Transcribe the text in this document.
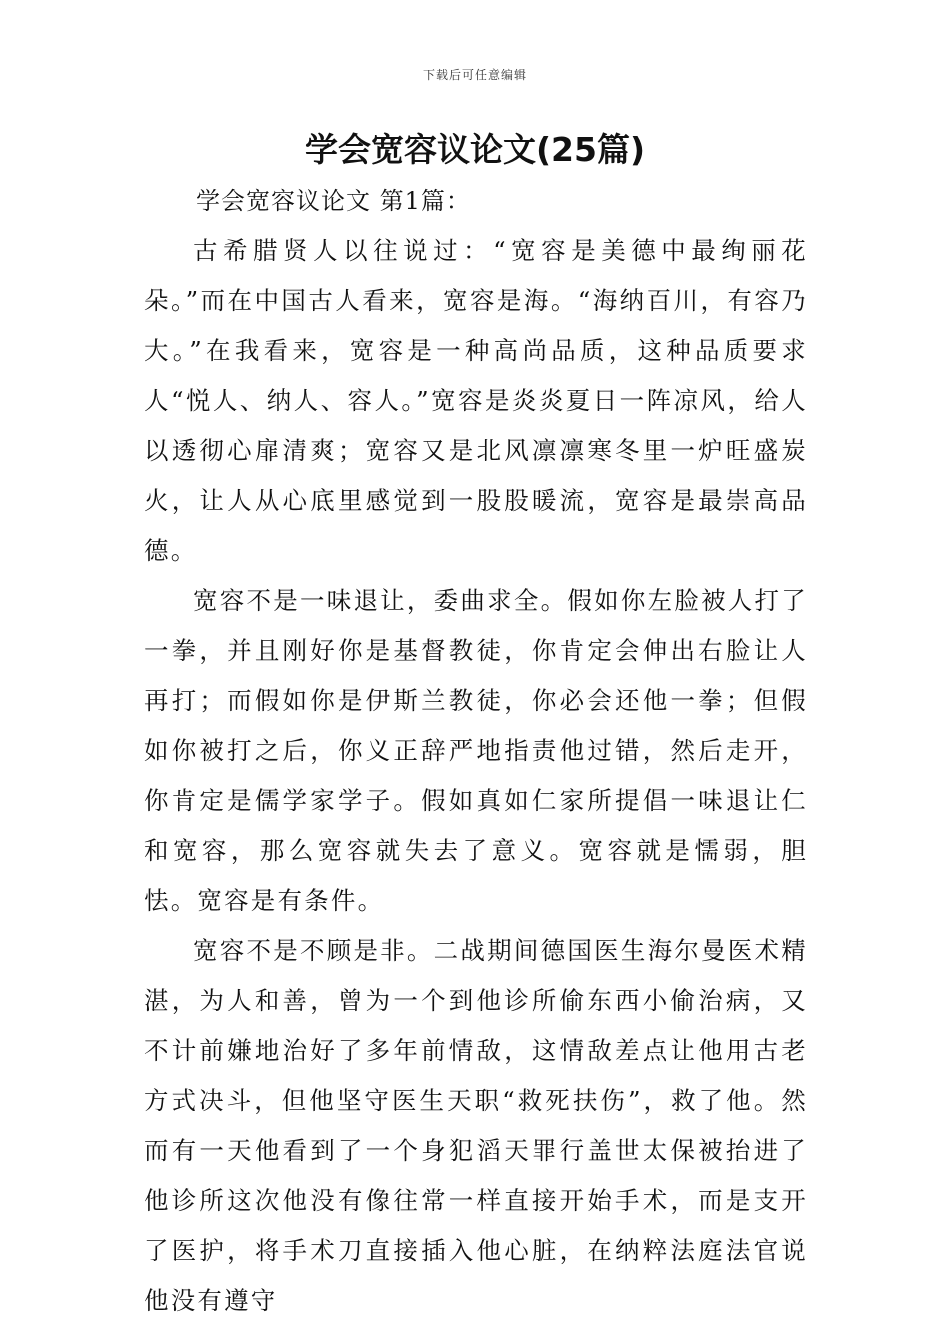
下载后可任意编辑
学会宽容议论文(25篇)
学会宽容议论文 第1篇：

古希腊贤人以往说过：“宽容是美德中最绚丽花朵。”而在中国古人看来，宽容是海。“海纳百川，有容乃大。”在我看来，宽容是一种高尚品质，这种品质要求人“悦人、纳人、容人。”宽容是炎炎夏日一阵凉风，给人以透彻心扉清爽；宽容又是北风凛凛寒冬里一炉旺盛炭火，让人从心底里感觉到一股股暖流，宽容是最崇高品德。

宽容不是一味退让，委曲求全。假如你左脸被人打了一拳，并且刚好你是基督教徒，你肯定会伸出右脸让人再打；而假如你是伊斯兰教徒，你必会还他一拳；但假如你被打之后，你义正辞严地指责他过错，然后走开，你肯定是儒学家学子。假如真如仁家所提倡一味退让仁和宽容，那么宽容就失去了意义。宽容就是懦弱，胆怯。宽容是有条件。

宽容不是不顾是非。二战期间德国医生海尔曼医术精湛，为人和善，曾为一个到他诊所偷东西小偷治病，又不计前嫌地治好了多年前情敌，这情敌差点让他用古老方式决斗，但他坚守医生天职“救死扶伤”，救了他。然而有一天他看到了一个身犯滔天罪行盖世太保被抬进了他诊所这次他没有像往常一样直接开始手术，而是支开了医护，将手术刀直接插入他心脏，在纳粹法庭法官说他没有遵守
